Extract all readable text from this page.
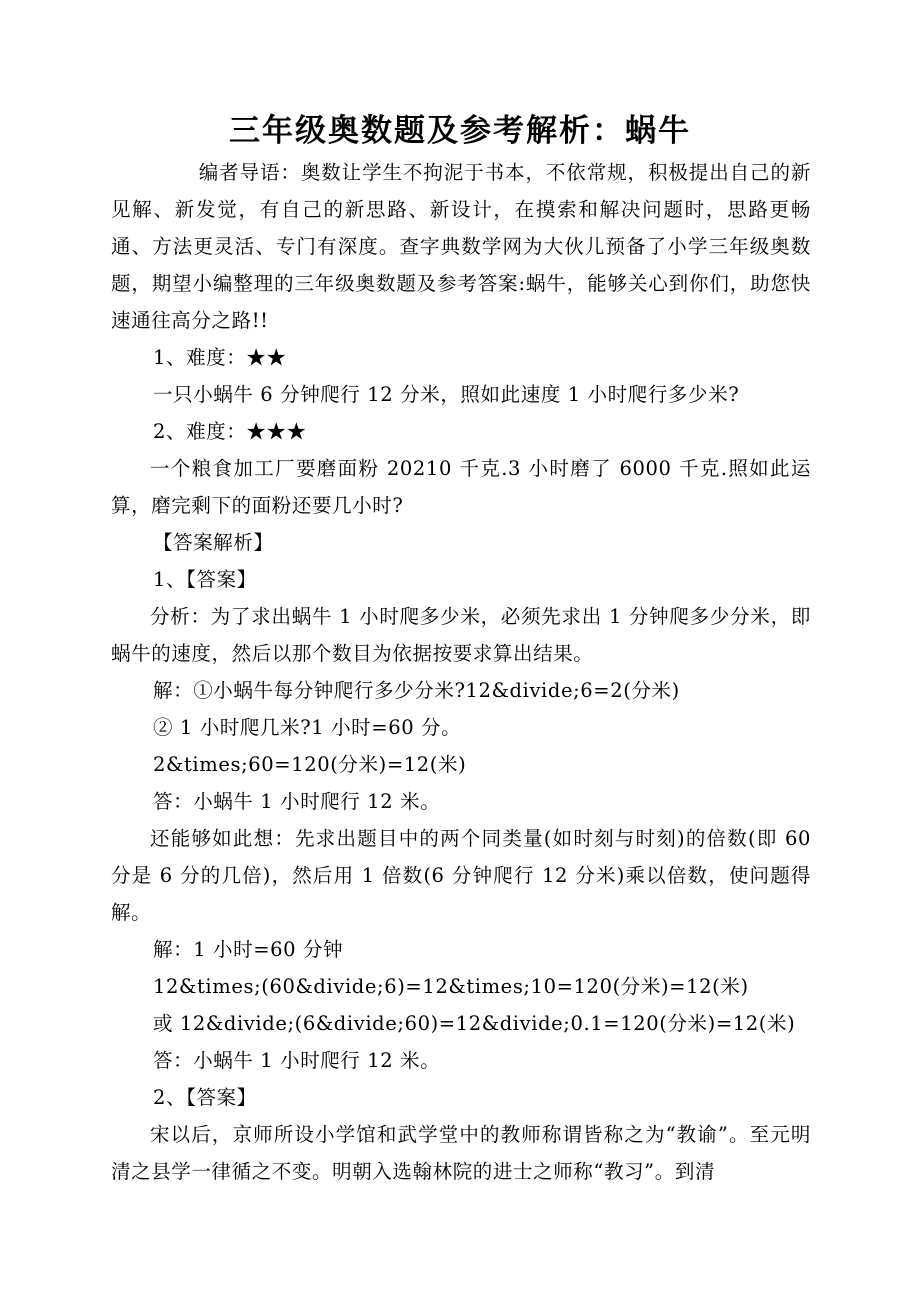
三年级奥数题及参考解析：蜗牛

编者导语：奥数让学生不拘泥于书本，不依常规，积极提出自己的新见解、新发觉，有自己的新思路、新设计，在摸索和解决问题时，思路更畅通、方法更灵活、专门有深度。查字典数学网为大伙儿预备了小学三年级奥数题，期望小编整理的三年级奥数题及参考答案:蜗牛，能够关心到你们，助您快速通往高分之路!!

1、难度：★★
一只小蜗牛 6 分钟爬行 12 分米，照如此速度 1 小时爬行多少米?
2、难度：★★★

一个粮食加工厂要磨面粉 20210 千克.3 小时磨了 6000 千克.照如此运算，磨完剩下的面粉还要几小时?

【答案解析】
1、【答案】

分析：为了求出蜗牛 1 小时爬多少米，必须先求出 1 分钟爬多少分米，即蜗牛的速度，然后以那个数目为依据按要求算出结果。

解：①小蜗牛每分钟爬行多少分米?12&divide;6=2(分米)
② 1 小时爬几米?1 小时=60 分。
2&times;60=120(分米)=12(米)
答：小蜗牛 1 小时爬行 12 米。

还能够如此想：先求出题目中的两个同类量(如时刻与时刻)的倍数(即 60 分是 6 分的几倍)，然后用 1 倍数(6 分钟爬行 12 分米)乘以倍数，使问题得解。

解：1 小时=60 分钟
12&times;(60&divide;6)=12&times;10=120(分米)=12(米)
或 12&divide;(6&divide;60)=12&divide;0.1=120(分米)=12(米)
答：小蜗牛 1 小时爬行 12 米。
2、【答案】

宋以后，京师所设小学馆和武学堂中的教师称谓皆称之为“教谕”。至元明清之县学一律循之不变。明朝入选翰林院的进士之师称“教习”。到清
